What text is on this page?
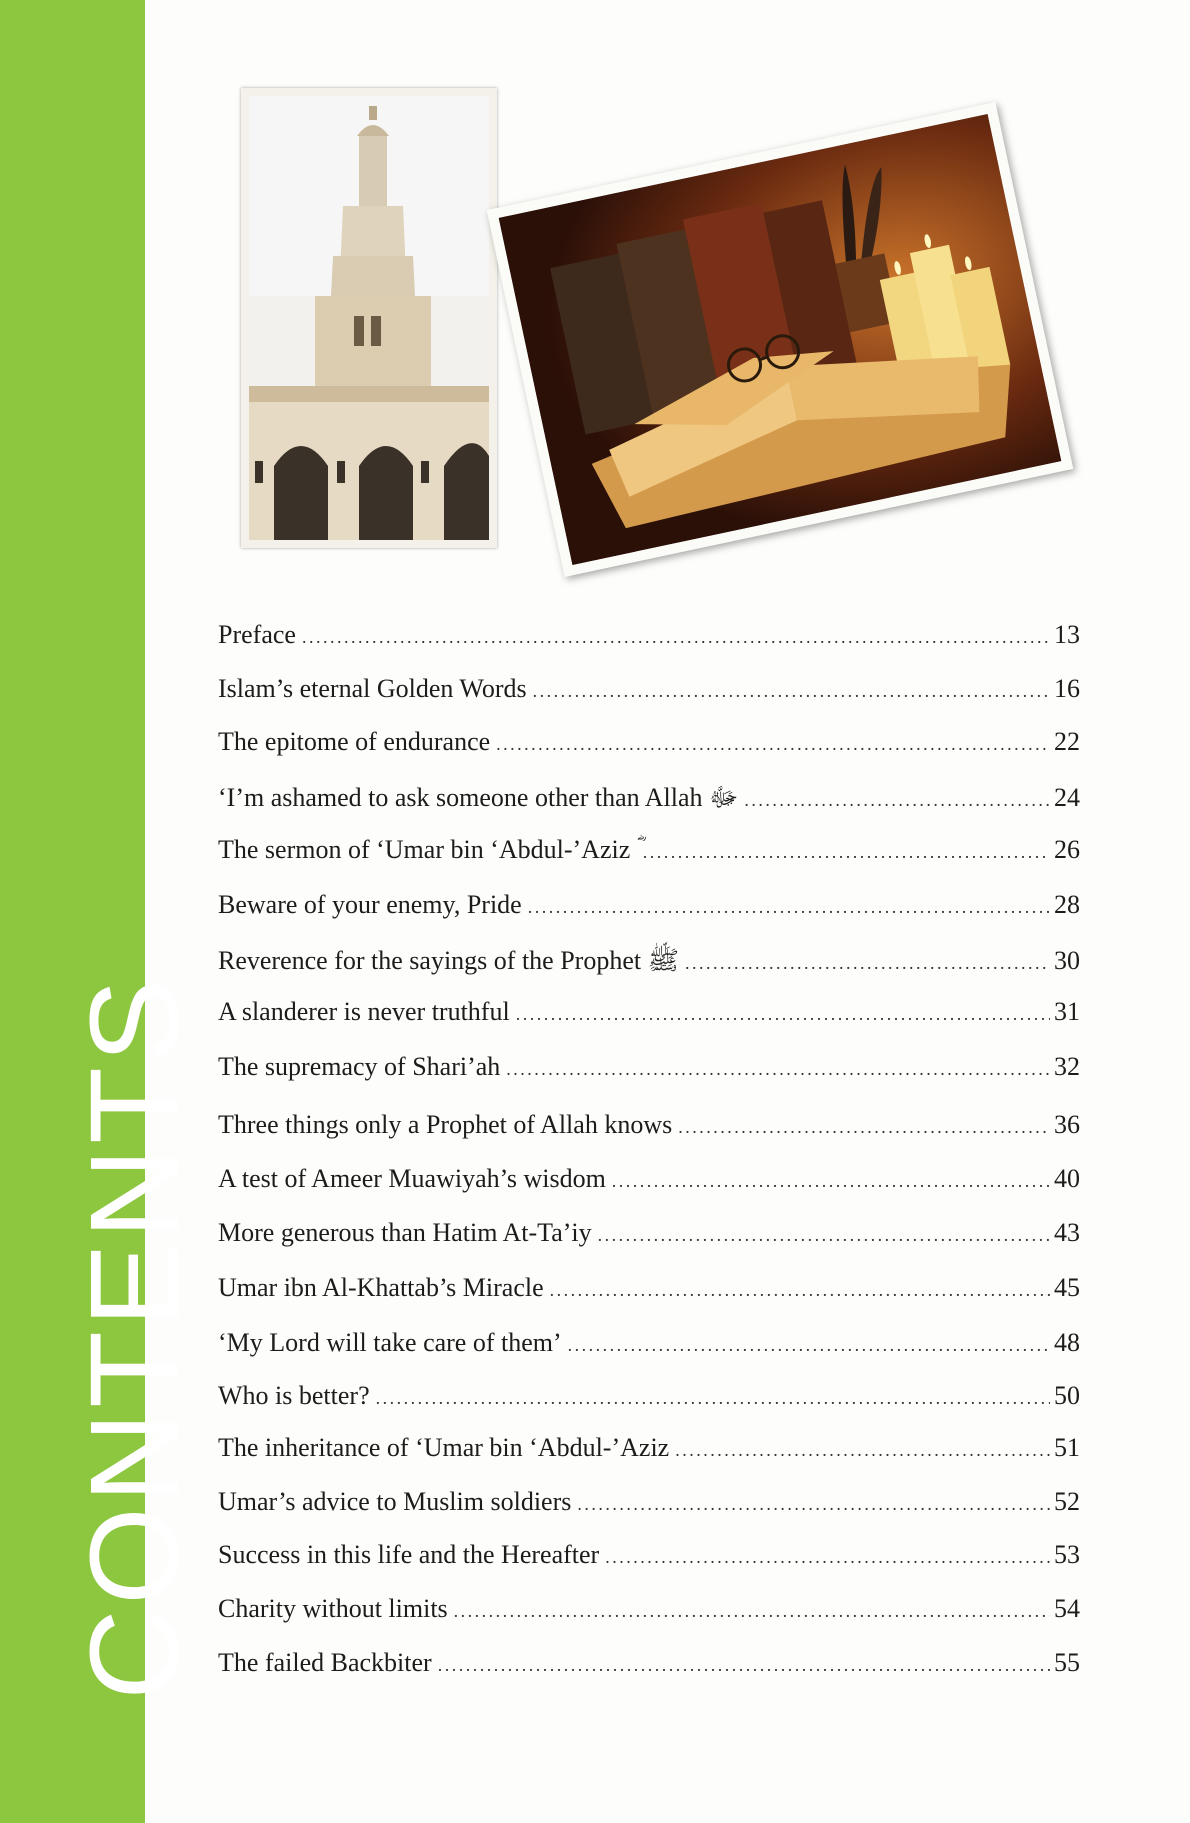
CONTENTS
Preface . . .	13
Islam’s eternal Golden Words . . .	16
The epitome of endurance . . .	22
‘I’m ashamed to ask someone other than Allah ﷻ . . .	24
The sermon of ‘Umar bin ‘Abdul-’Aziz ؓ . . .	26
Beware of your enemy, Pride . . .	28
Reverence for the sayings of the Prophet ﷺ . . .	30
A slanderer is never truthful . . .	31
The supremacy of Shari’ah . . .	32
Three things only a Prophet of Allah knows . . .	36
A test of Ameer Muawiyah’s wisdom . . .	40
More generous than Hatim At-Ta’iy . . .	43
Umar ibn Al-Khattab’s Miracle . . .	45
‘My Lord will take care of them’ . . .	48
Who is better? . . .	50
The inheritance of ‘Umar bin ‘Abdul-’Aziz . . .	51
Umar’s advice to Muslim soldiers . . .	52
Success in this life and the Hereafter . . .	53
Charity without limits . . .	54
The failed Backbiter . . .	55
